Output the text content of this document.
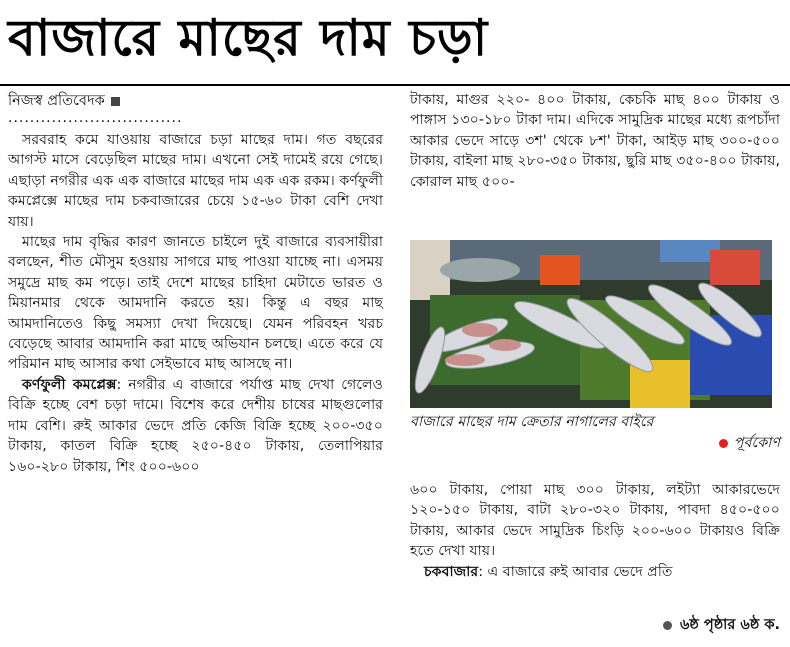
বাজারে মাছের দাম চড়া

নিজস্ব প্রতিবেদক

................................

সরবরাহ কমে যাওয়ায় বাজারে চড়া মাছের দাম। গত বছরের আগস্ট মাসে বেড়েছিল মাছের দাম। এখনো সেই দামেই রয়ে গেছে। এছাড়া নগরীর এক এক বাজারে মাছের দাম এক এক রকম। কর্ণফুলী কমপ্লেক্সে মাছের দাম চকবাজারের চেয়ে ১৫-৬০ টাকা বেশি দেখা যায়।

মাছের দাম বৃদ্ধির কারণ জানতে চাইলে দুই বাজারে ব্যবসায়ীরা বলছেন, শীত মৌসুম হওয়ায় সাগরে মাছ পাওয়া যাচ্ছে না। এসময় সমুদ্রে মাছ কম পড়ে। তাই দেশে মাছের চাহিদা মেটাতে ভারত ও মিয়ানমার থেকে আমদানি করতে হয়। কিন্তু এ বছর মাছ আমদানিতেও কিছু সমস্যা দেখা দিয়েছে। যেমন পরিবহন খরচ বেড়েছে আবার আমদানি করা মাছে অভিযান চলছে। এতে করে যে পরিমান মাছ আসার কথা সেইভাবে মাছ আসছে না।

কর্ণফুলী কমপ্লেক্স: নগরীর এ বাজারে পর্যাপ্ত মাছ দেখা গেলেও বিক্রি হচ্ছে বেশ চড়া দামে। বিশেষ করে দেশীয় চাষের মাছগুলোর দাম বেশি। রুই আকার ভেদে প্রতি কেজি বিক্রি হচ্ছে ২০০-৩৫০ টাকায়, কাতল বিক্রি হচ্ছে ২৫০-৪৫০ টাকায়, তেলাপিয়ার ১৬০-২৮০ টাকায়, শিং ৫০০-৬০০

টাকায়, মাগুর ২২০- ৪০০ টাকায়, কেচকি মাছ ৪০০ টাকায় ও পাঙ্গাস ১৩০-১৮০ টাকা দাম। এদিকে সামুদ্রিক মাছের মধ্যে রূপচাঁদা আকার ভেদে সাড়ে ৩শ' থেকে ৮শ' টাকা, আইড় মাছ ৩০০-৫০০ টাকায়, বাইলা মাছ ২৮০-৩৫০ টাকায়, ছুরি মাছ ৩৫০-৪০০ টাকায়, কোরাল মাছ ৫০০-

বাজারে মাছের দাম ক্রেতার নাগালের বাইরে
পূর্বকোণ

৬০০ টাকায়, পোয়া মাছ ৩০০ টাকায়, লইট্যা আকারভেদে ১২০-১৫০ টাকায়, বাটা ২৮০-৩২০ টাকায়, পাবদা ৪৫০-৫০০ টাকায়, আকার ভেদে সামুদ্রিক চিংড়ি ২০০-৬০০ টাকায়ও বিক্রি হতে দেখা যায়।

চকবাজার: এ বাজারে রুই আবার ভেদে প্রতি

৬ষ্ঠ পৃষ্ঠার ৬ষ্ঠ ক.
